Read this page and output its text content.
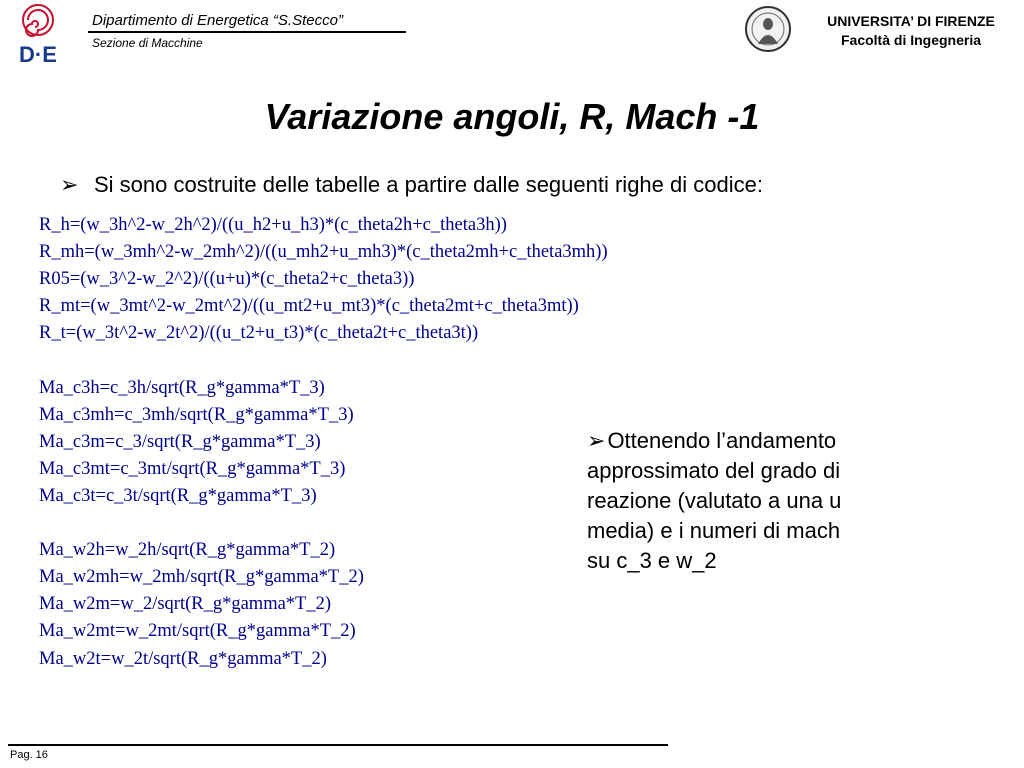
D·E
Dipartimento di Energetica “S.Stecco”
Sezione di Macchine
UNIVERSITA’ DI FIRENZE
Facoltà di Ingegneria
Variazione angoli, R, Mach -1
➢ Si sono costruite delle tabelle a partire dalle seguenti righe di codice:
R_h=(w_3h^2-w_2h^2)/((u_h2+u_h3)*(c_theta2h+c_theta3h))
R_mh=(w_3mh^2-w_2mh^2)/((u_mh2+u_mh3)*(c_theta2mh+c_theta3mh))
R05=(w_3^2-w_2^2)/((u+u)*(c_theta2+c_theta3))
R_mt=(w_3mt^2-w_2mt^2)/((u_mt2+u_mt3)*(c_theta2mt+c_theta3mt))
R_t=(w_3t^2-w_2t^2)/((u_t2+u_t3)*(c_theta2t+c_theta3t))
Ma_c3h=c_3h/sqrt(R_g*gamma*T_3)
Ma_c3mh=c_3mh/sqrt(R_g*gamma*T_3)
Ma_c3m=c_3/sqrt(R_g*gamma*T_3)
Ma_c3mt=c_3mt/sqrt(R_g*gamma*T_3)
Ma_c3t=c_3t/sqrt(R_g*gamma*T_3)
Ma_w2h=w_2h/sqrt(R_g*gamma*T_2)
Ma_w2mh=w_2mh/sqrt(R_g*gamma*T_2)
Ma_w2m=w_2/sqrt(R_g*gamma*T_2)
Ma_w2mt=w_2mt/sqrt(R_g*gamma*T_2)
Ma_w2t=w_2t/sqrt(R_g*gamma*T_2)
➢Ottenendo l’andamento
approssimato del grado di
reazione (valutato a una u
media) e i numeri di mach
su c_3 e w_2
Pag. 16
